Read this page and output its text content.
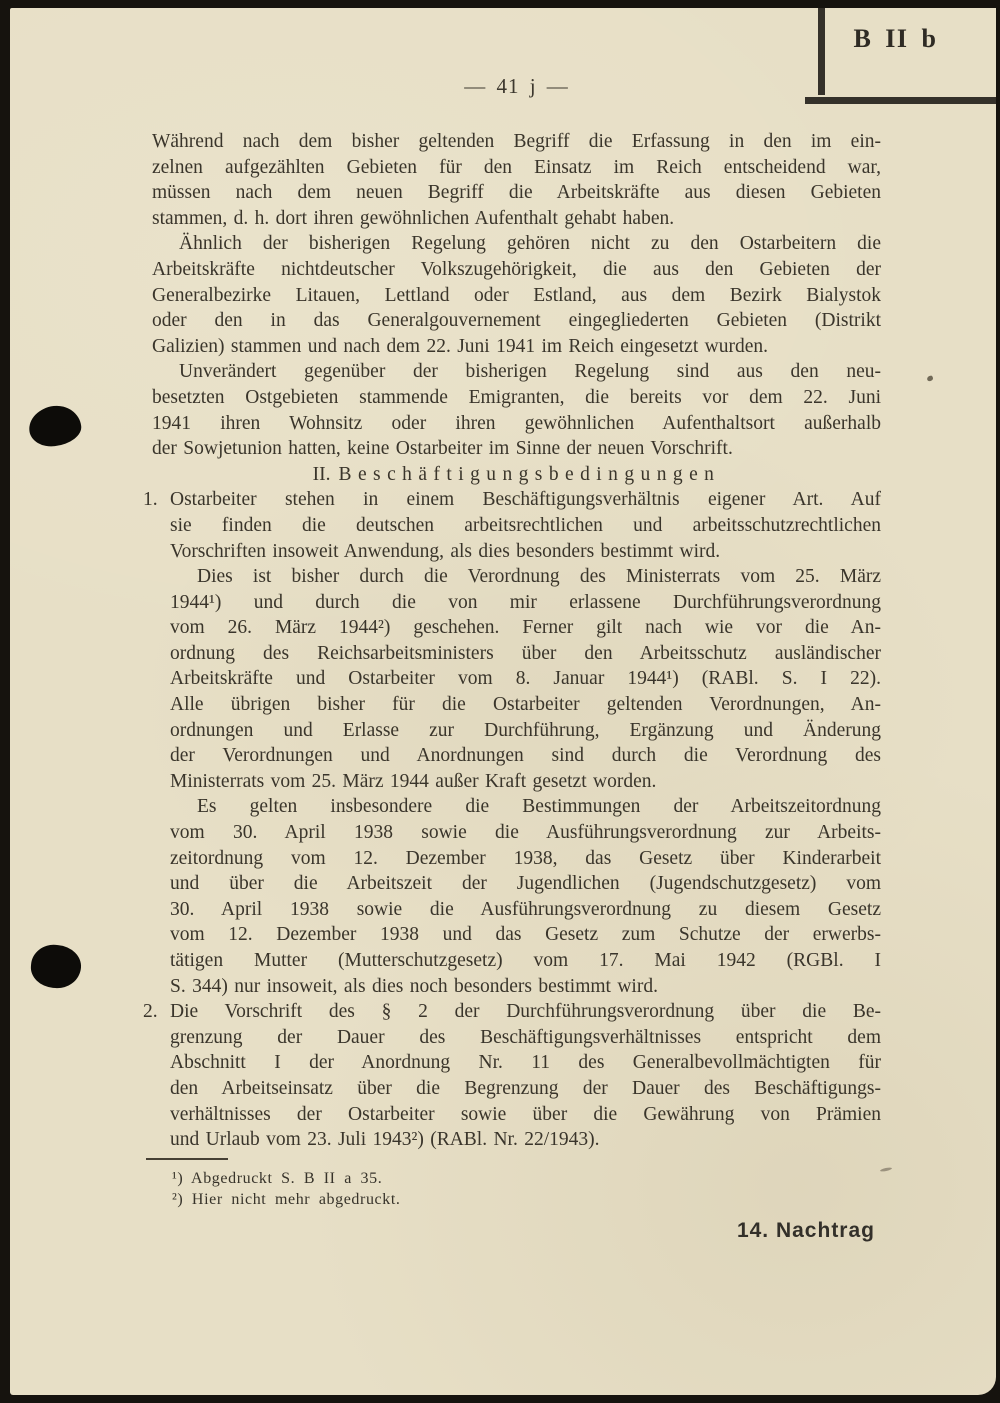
B II b
— 41 j —
Während nach dem bisher geltenden Begriff die Erfassung in den im ein-
zelnen aufgezählten Gebieten für den Einsatz im Reich entscheidend war,
müssen nach dem neuen Begriff die Arbeitskräfte aus diesen Gebieten
stammen, d. h. dort ihren gewöhnlichen Aufenthalt gehabt haben.
Ähnlich der bisherigen Regelung gehören nicht zu den Ostarbeitern die
Arbeitskräfte nichtdeutscher Volkszugehörigkeit, die aus den Gebieten der
Generalbezirke Litauen, Lettland oder Estland, aus dem Bezirk Bialystok
oder den in das Generalgouvernement eingegliederten Gebieten (Distrikt
Galizien) stammen und nach dem 22. Juni 1941 im Reich eingesetzt wurden.
Unverändert gegenüber der bisherigen Regelung sind aus den neu-
besetzten Ostgebieten stammende Emigranten, die bereits vor dem 22. Juni
1941 ihren Wohnsitz oder ihren gewöhnlichen Aufenthaltsort außerhalb
der Sowjetunion hatten, keine Ostarbeiter im Sinne der neuen Vorschrift.
II. Beschäftigungsbedingungen
1. Ostarbeiter stehen in einem Beschäftigungsverhältnis eigener Art. Auf
sie finden die deutschen arbeitsrechtlichen und arbeitsschutzrechtlichen
Vorschriften insoweit Anwendung, als dies besonders bestimmt wird.
Dies ist bisher durch die Verordnung des Ministerrats vom 25. März
1944¹) und durch die von mir erlassene Durchführungsverordnung
vom 26. März 1944²) geschehen. Ferner gilt nach wie vor die An-
ordnung des Reichsarbeitsministers über den Arbeitsschutz ausländischer
Arbeitskräfte und Ostarbeiter vom 8. Januar 1944¹) (RABl. S. I 22).
Alle übrigen bisher für die Ostarbeiter geltenden Verordnungen, An-
ordnungen und Erlasse zur Durchführung, Ergänzung und Änderung
der Verordnungen und Anordnungen sind durch die Verordnung des
Ministerrats vom 25. März 1944 außer Kraft gesetzt worden.
Es gelten insbesondere die Bestimmungen der Arbeitszeitordnung
vom 30. April 1938 sowie die Ausführungsverordnung zur Arbeits-
zeitordnung vom 12. Dezember 1938, das Gesetz über Kinderarbeit
und über die Arbeitszeit der Jugendlichen (Jugendschutzgesetz) vom
30. April 1938 sowie die Ausführungsverordnung zu diesem Gesetz
vom 12. Dezember 1938 und das Gesetz zum Schutze der erwerbs-
tätigen Mutter (Mutterschutzgesetz) vom 17. Mai 1942 (RGBl. I
S. 344) nur insoweit, als dies noch besonders bestimmt wird.
2. Die Vorschrift des § 2 der Durchführungsverordnung über die Be-
grenzung der Dauer des Beschäftigungsverhältnisses entspricht dem
Abschnitt I der Anordnung Nr. 11 des Generalbevollmächtigten für
den Arbeitseinsatz über die Begrenzung der Dauer des Beschäftigungs-
verhältnisses der Ostarbeiter sowie über die Gewährung von Prämien
und Urlaub vom 23. Juli 1943²) (RABl. Nr. 22/1943).
¹) Abgedruckt S. B II a 35.
²) Hier nicht mehr abgedruckt.
14. Nachtrag
